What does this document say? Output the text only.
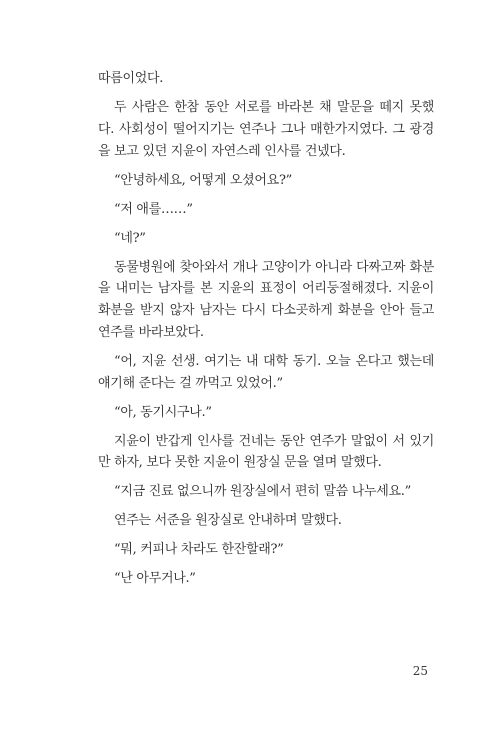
따름이었다.

두 사람은 한참 동안 서로를 바라본 채 말문을 떼지 못했다. 사회성이 떨어지기는 연주나 그나 매한가지였다. 그 광경을 보고 있던 지윤이 자연스레 인사를 건넸다.

“안녕하세요, 어떻게 오셨어요?”

“저 애를……”

“네?”

동물병원에 찾아와서 개나 고양이가 아니라 다짜고짜 화분을 내미는 남자를 본 지윤의 표정이 어리둥절해졌다. 지윤이 화분을 받지 않자 남자는 다시 다소곳하게 화분을 안아 들고 연주를 바라보았다.

“어, 지윤 선생. 여기는 내 대학 동기. 오늘 온다고 했는데 얘기해 준다는 걸 까먹고 있었어.”

“아, 동기시구나.”

지윤이 반갑게 인사를 건네는 동안 연주가 말없이 서 있기만 하자, 보다 못한 지윤이 원장실 문을 열며 말했다.

“지금 진료 없으니까 원장실에서 편히 말씀 나누세요.”

연주는 서준을 원장실로 안내하며 말했다.

“뭐, 커피나 차라도 한잔할래?”

“난 아무거나.”

25
